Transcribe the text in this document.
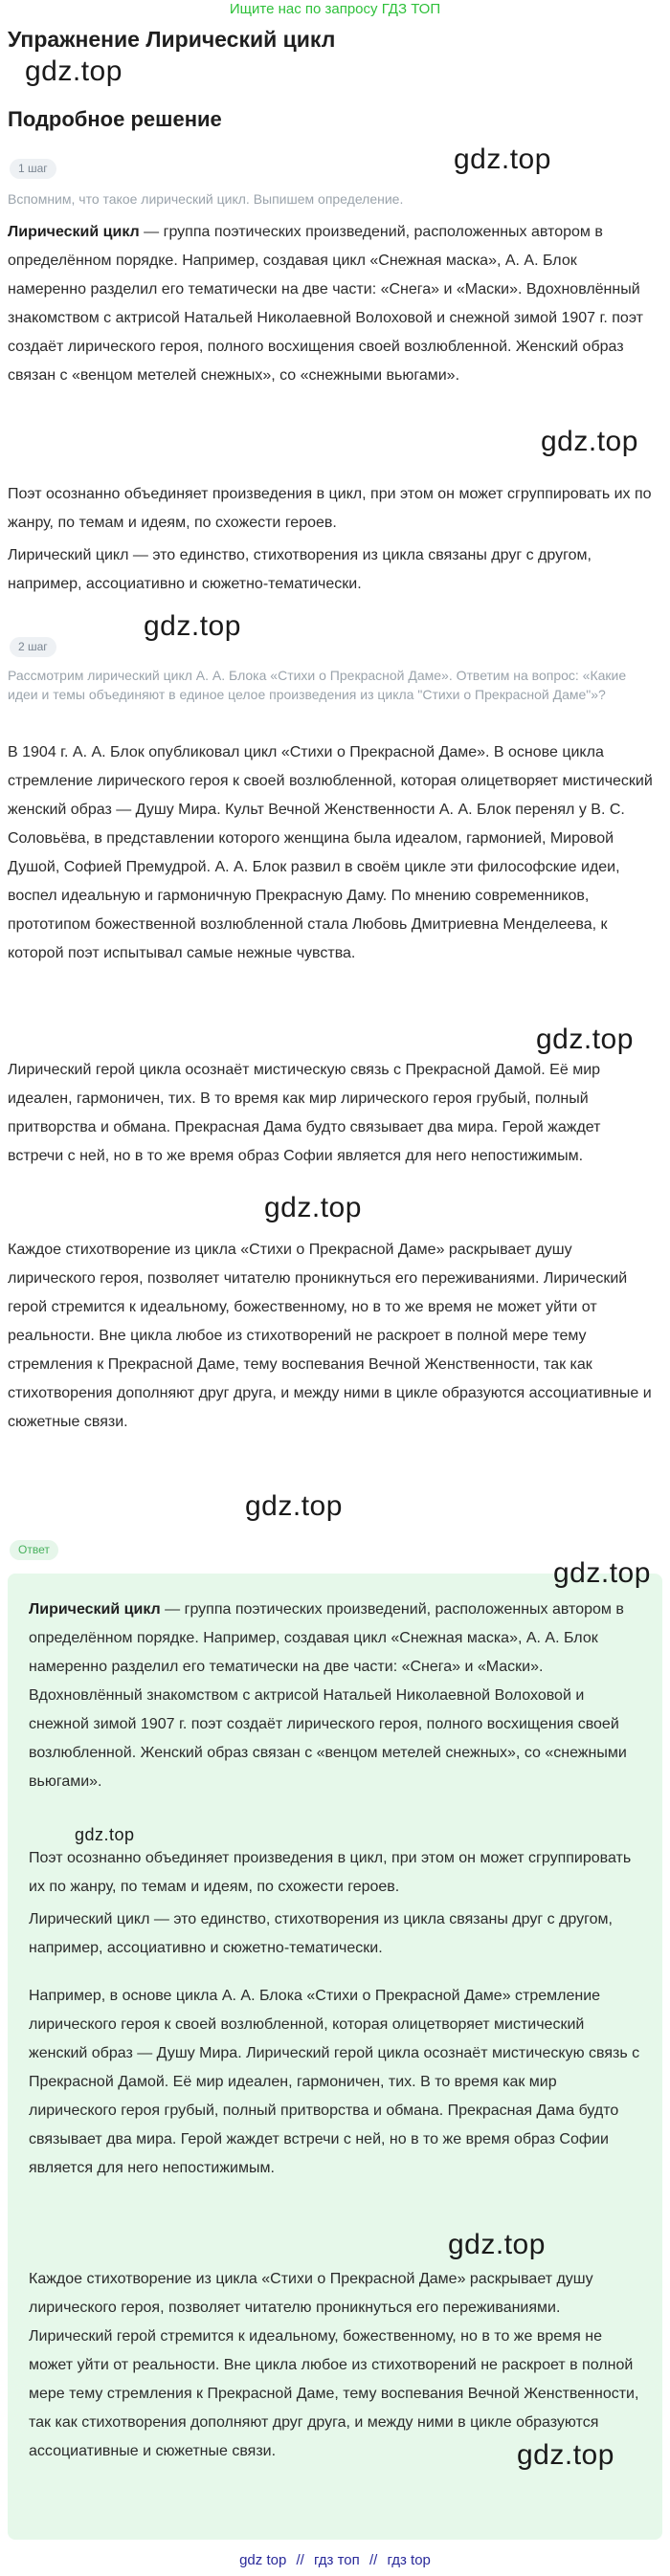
Ищите нас по запросу ГДЗ ТОП
Упражнение Лирический цикл
gdz.top
Подробное решение
gdz.top
1 шаг
Вспомним, что такое лирический цикл. Выпишем определение.

Лирический цикл — группа поэтических произведений, расположенных автором в определённом порядке. Например, создавая цикл «Снежная маска», А. А. Блок намеренно разделил его тематически на две части: «Снега» и «Маски». Вдохновлённый знакомством с актрисой Натальей Николаевной Волоховой и снежной зимой 1907 г. поэт создаёт лирического героя, полного восхищения своей возлюбленной. Женский образ связан с «венцом метелей снежных», со «снежными вьюгами».

gdz.top

Поэт осознанно объединяет произведения в цикл, при этом он может сгруппировать их по жанру, по темам и идеям, по схожести героев.

Лирический цикл — это единство, стихотворения из цикла связаны друг с другом, например, ассоциативно и сюжетно-тематически.

gdz.top
2 шаг
Рассмотрим лирический цикл А. А. Блока «Стихи о Прекрасной Даме». Ответим на вопрос: «Какие идеи и темы объединяют в единое целое произведения из цикла "Стихи о Прекрасной Даме"»?

В 1904 г. А. А. Блок опубликовал цикл «Стихи о Прекрасной Даме». В основе цикла стремление лирического героя к своей возлюбленной, которая олицетворяет мистический женский образ — Душу Мира. Культ Вечной Женственности А. А. Блок перенял у В. С. Соловьёва, в представлении которого женщина была идеалом, гармонией, Мировой Душой, Софией Премудрой. А. А. Блок развил в своём цикле эти философские идеи, воспел идеальную и гармоничную Прекрасную Даму. По мнению современников, прототипом божественной возлюбленной стала Любовь Дмитриевна Менделеева, к которой поэт испытывал самые нежные чувства.

gdz.top

Лирический герой цикла осознаёт мистическую связь с Прекрасной Дамой. Её мир идеален, гармоничен, тих. В то время как мир лирического героя грубый, полный притворства и обмана. Прекрасная Дама будто связывает два мира. Герой жаждет встречи с ней, но в то же время образ Софии является для него непостижимым.

gdz.top

Каждое стихотворение из цикла «Стихи о Прекрасной Даме» раскрывает душу лирического героя, позволяет читателю проникнуться его переживаниями. Лирический герой стремится к идеальному, божественному, но в то же время не может уйти от реальности. Вне цикла любое из стихотворений не раскроет в полной мере тему стремления к Прекрасной Даме, тему воспевания Вечной Женственности, так как стихотворения дополняют друг друга, и между ними в цикле образуются ассоциативные и сюжетные связи.

gdz.top
Ответ
gdz.top

Лирический цикл — группа поэтических произведений, расположенных автором в определённом порядке. Например, создавая цикл «Снежная маска», А. А. Блок намеренно разделил его тематически на две части: «Снега» и «Маски». Вдохновлённый знакомством с актрисой Натальей Николаевной Волоховой и снежной зимой 1907 г. поэт создаёт лирического героя, полного восхищения своей возлюбленной. Женский образ связан с «венцом метелей снежных», со «снежными вьюгами».

gdz.top

Поэт осознанно объединяет произведения в цикл, при этом он может сгруппировать их по жанру, по темам и идеям, по схожести героев.

Лирический цикл — это единство, стихотворения из цикла связаны друг с другом, например, ассоциативно и сюжетно-тематически.

Например, в основе цикла А. А. Блока «Стихи о Прекрасной Даме» стремление лирического героя к своей возлюбленной, которая олицетворяет мистический женский образ — Душу Мира. Лирический герой цикла осознаёт мистическую связь с Прекрасной Дамой. Её мир идеален, гармоничен, тих. В то время как мир лирического героя грубый, полный притворства и обмана. Прекрасная Дама будто связывает два мира. Герой жаждет встречи с ней, но в то же время образ Софии является для него непостижимым.

gdz.top

Каждое стихотворение из цикла «Стихи о Прекрасной Даме» раскрывает душу лирического героя, позволяет читателю проникнуться его переживаниями. Лирический герой стремится к идеальному, божественному, но в то же время не может уйти от реальности. Вне цикла любое из стихотворений не раскроет в полной мере тему стремления к Прекрасной Даме, тему воспевания Вечной Женственности, так как стихотворения дополняют друг друга, и между ними в цикле образуются ассоциативные и сюжетные связи.	gdz.top
gdz top // гдз топ // гдз top
